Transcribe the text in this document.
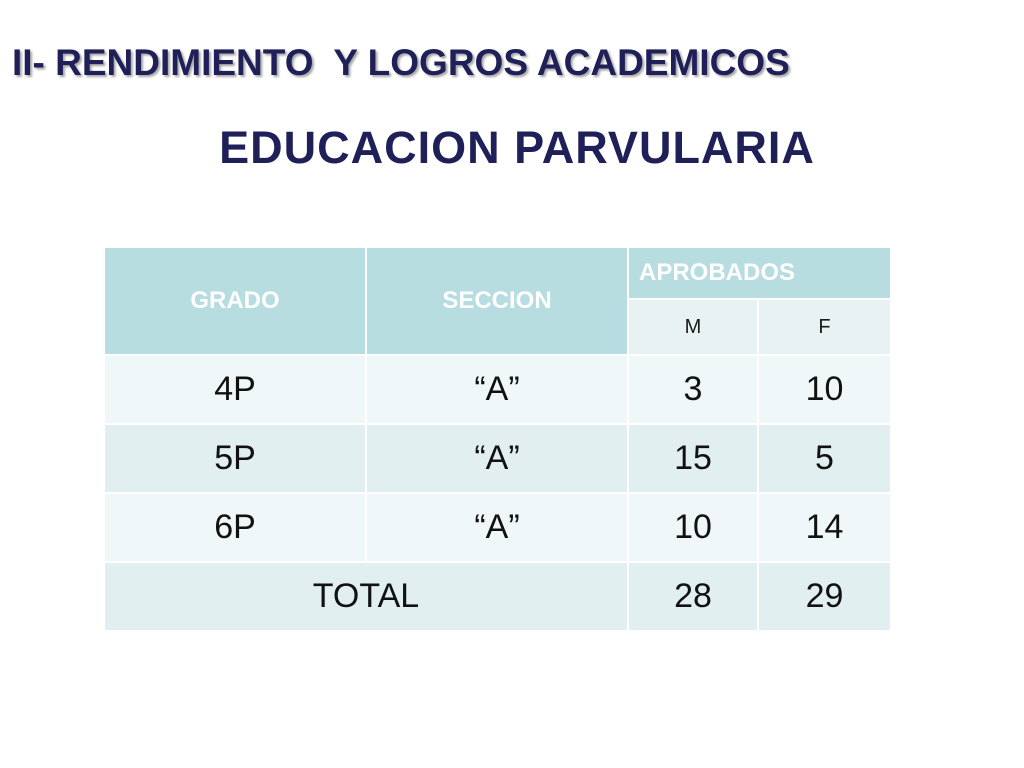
II- RENDIMIENTO  Y LOGROS ACADEMICOS
EDUCACION PARVULARIA
GRADO	SECCION	APROBADOS	
		M	F
4P	“A”	3	10
5P	“A”	15	5
6P	“A”	10	14
TOTAL		28	29
